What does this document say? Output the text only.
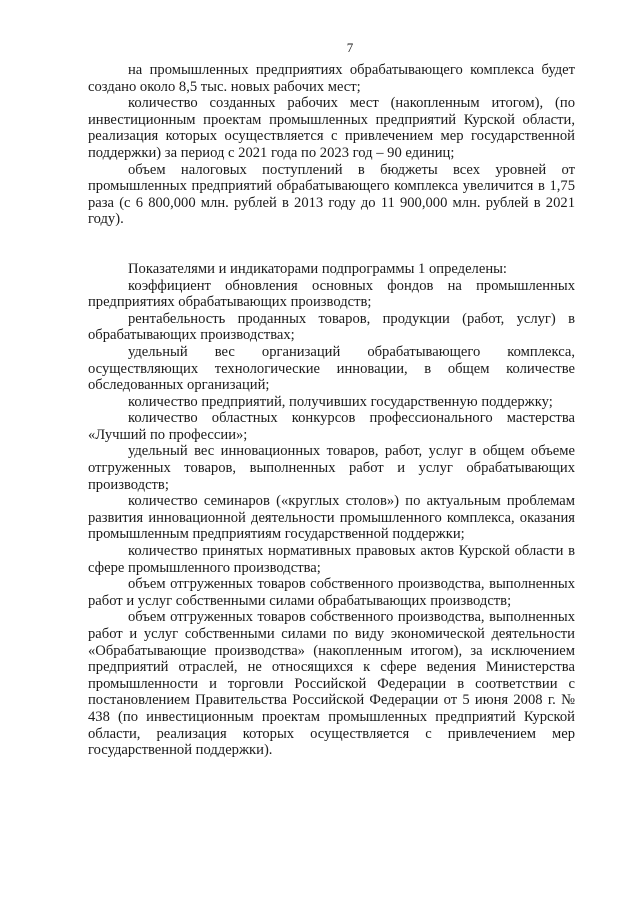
7

на промышленных предприятиях обрабатывающего комплекса будет создано около 8,5 тыс. новых рабочих мест;

количество созданных рабочих мест (накопленным итогом), (по инвестиционным проектам промышленных предприятий Курской области, реализация которых осуществляется с привлечением мер государственной поддержки) за период с 2021 года по 2023 год – 90 единиц;

объем налоговых поступлений в бюджеты всех уровней от промышленных предприятий обрабатывающего комплекса увеличится в 1,75 раза (с 6 800,000 млн. рублей в 2013 году до 11 900,000 млн. рублей в 2021 году).

Показателями и индикаторами подпрограммы 1 определены:

коэффициент обновления основных фондов на промышленных предприятиях обрабатывающих производств;

рентабельность проданных товаров, продукции (работ, услуг) в обрабатывающих производствах;

удельный вес организаций обрабатывающего комплекса, осуществляющих технологические инновации, в общем количестве обследованных организаций;

количество предприятий, получивших государственную поддержку;

количество областных конкурсов профессионального мастерства «Лучший по профессии»;

удельный вес инновационных товаров, работ, услуг в общем объеме отгруженных товаров, выполненных работ и услуг обрабатывающих производств;

количество семинаров («круглых столов») по актуальным проблемам развития инновационной деятельности промышленного комплекса, оказания промышленным предприятиям государственной поддержки;

количество принятых нормативных правовых актов Курской области в сфере промышленного производства;

объем отгруженных товаров собственного производства, выполненных работ и услуг собственными силами обрабатывающих производств;

объем отгруженных товаров собственного производства, выполненных работ и услуг собственными силами по виду экономической деятельности «Обрабатывающие производства» (накопленным итогом), за исключением предприятий отраслей, не относящихся к сфере ведения Министерства промышленности и торговли Российской Федерации в соответствии с постановлением Правительства Российской Федерации от 5 июня 2008 г. № 438 (по инвестиционным проектам промышленных предприятий Курской области, реализация которых осуществляется с привлечением мер государственной поддержки).
